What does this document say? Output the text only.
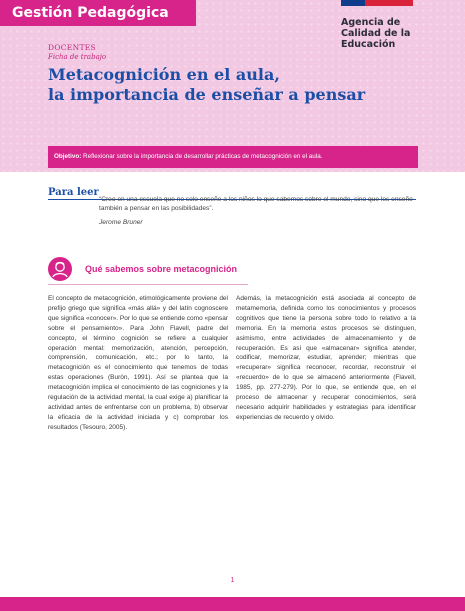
Gestión Pedagógica
Agencia de
Calidad de la
Educación
DOCENTES
Ficha de trabajo
Metacognición en el aula,
la importancia de enseñar a pensar
Objetivo: Reflexionar sobre la importancia de desarrollar prácticas de metacognición en el aula.
Para leer
“Creo en una escuela que no solo enseñe a los niños lo que sabemos sobre el mundo, sino que les enseñe también a pensar en las posibilidades”.
Jerome Bruner
Qué sabemos sobre metacognición
El concepto de metacognición, etimológicamente proviene del prefijo griego que significa «más allá» y del latín cognoscere que significa «conocer». Por lo que se entiende como «pensar sobre el pensamiento». Para John Flavell, padre del concepto, el término cognición se refiere a cualquier operación mental: memorización, atención, percepción, comprensión, comunicación, etc.; por lo tanto, la metacognición es el conocimiento que tenemos de todas estas operaciones (Burón, 1991). Así se plantea que la metacognición implica el conocimiento de las cogniciones y la regulación de la actividad mental, la cual exige a) planificar la actividad antes de enfrentarse con un problema, b) observar la eficacia de la actividad iniciada y c) comprobar los resultados (Tesouro, 2005).
Además, la metacognición está asociada al concepto de metamemoria, definida como los conocimientos y procesos cognitivos que tiene la persona sobre todo lo relativo a la memoria. En la memoria estos procesos se distinguen, asimismo, entre actividades de almacenamiento y de recuperación. Es así que «almacenar» significa atender, codificar, memorizar, estudiar, aprender; mientras que «recuperar» significa reconocer, recordar, reconstruir el «recuerdo» de lo que se almacenó anteriormente (Flavell, 1985, pp. 277-279). Por lo que, se entiende que, en el proceso de almacenar y recuperar conocimientos, será necesario adquirir habilidades y estrategias para identificar experiencias de recuerdo y olvido.
1
